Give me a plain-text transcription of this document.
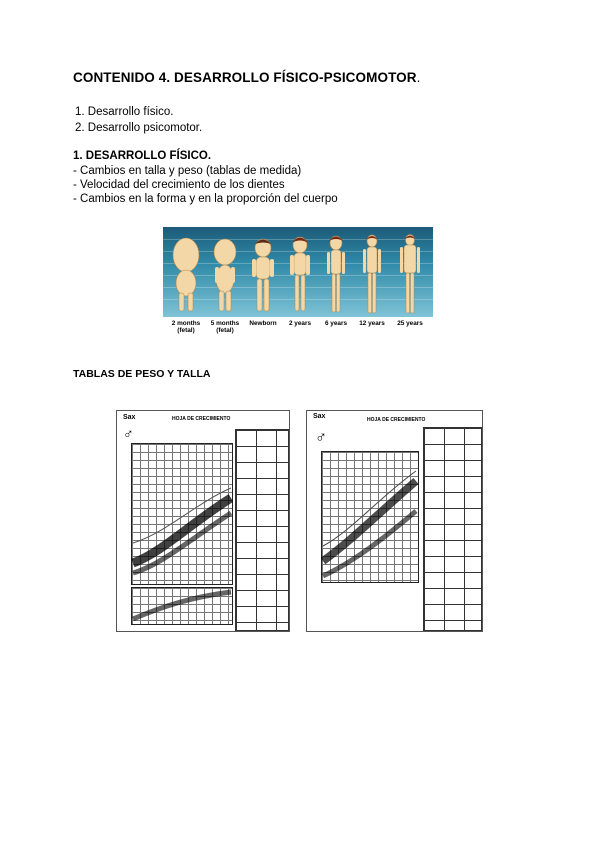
CONTENIDO 4. DESARROLLO FÍSICO-PSICOMOTOR.
1. Desarrollo físico.
2. Desarrollo psicomotor.
1. DESARROLLO FÍSICO.
- Cambios en talla y peso (tablas de medida)
- Velocidad del crecimiento de los dientes
- Cambios en la forma y en la proporción del cuerpo
2 months
(fetal)
5 months
(fetal)
Newborn	2 years	6 years	12 years	25 years
TABLAS DE PESO Y TALLA
Sax	HOJA DE CRECIMIENTO
♂
Sax	HOJA DE CRECIMIENTO
♂
